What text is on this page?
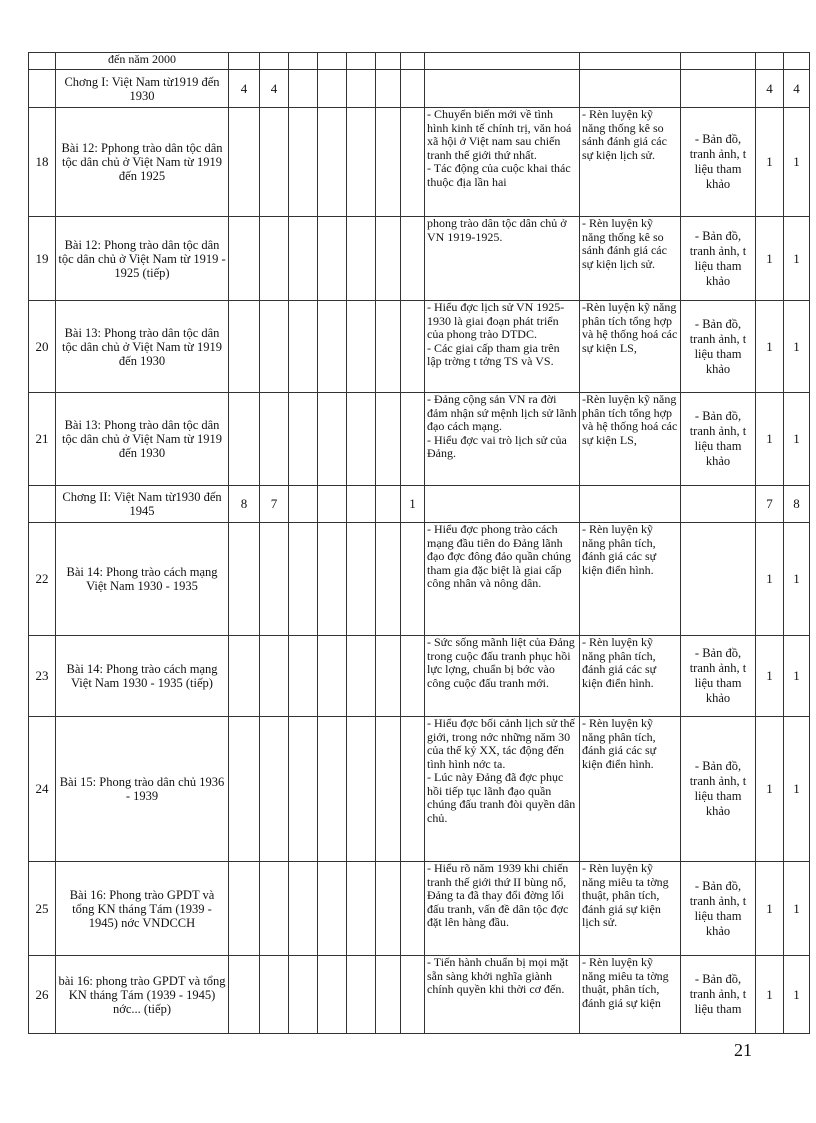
	đến năm 2000												
	Chơng I: Việt Nam từ1919 đến 1930	4	4									4	4
18	Bài 12: Pphong trào dân tộc dân tộc dân chủ ở Việt Nam từ 1919 đến 1925								- Chuyển biến mới về tình hình kinh tế chính trị, văn hoá xã hội ở Việt nam sau chiến tranh thế giới thứ nhất.
- Tác động của cuộc khai thác thuộc địa lần hai	- Rèn luyện kỹ năng thống kê so sánh đánh giá các sự kiện lịch sử.	- Bản đồ, tranh ảnh, t liệu tham khảo	1	1
19	Bài 12: Phong trào dân tộc dân tộc dân chủ ở Việt Nam từ 1919 - 1925 (tiếp)								phong trào dân tộc dân chủ ở VN 1919-1925.	- Rèn luyện kỹ năng thống kê so sánh đánh giá các sự kiện lịch sử.	- Bản đồ, tranh ảnh, t liệu tham khảo	1	1
20	Bài 13: Phong trào dân tộc dân tộc dân chủ ở Việt Nam từ 1919 đến 1930								- Hiểu đợc lịch sử VN 1925-1930 là giai đoạn phát triển của phong trào DTDC.
- Các giai cấp tham gia trên lập trờng t tởng TS và VS.	-Rèn luyện kỹ năng phân tích tổng hợp và hệ thống hoá các sự kiện LS,	- Bản đồ, tranh ảnh, t liệu tham khảo	1	1
21	Bài 13: Phong trào dân tộc dân tộc dân chủ ở Việt Nam từ 1919 đến 1930								- Đảng cộng sản VN ra đời đảm nhận sứ mệnh lịch sử lãnh đạo cách mạng.
- Hiểu đợc vai trò lịch sử của Đảng.	-Rèn luyện kỹ năng phân tích tổng hợp và hệ thống hoá các sự kiện LS,	- Bản đồ, tranh ảnh, t liệu tham khảo	1	1
	Chơng II: Việt Nam từ1930 đến 1945	8	7					1				7	8
22	Bài 14: Phong trào cách mạng Việt Nam 1930 - 1935								- Hiểu đợc phong trào cách mạng đầu tiên do Đảng lãnh đạo đợc đông đảo quần chúng tham gia đặc biệt là giai cấp công nhân và nông dân.	- Rèn luyện kỹ năng phân tích, đánh giá các sự kiện điển hình.		1	1
23	Bài 14: Phong trào cách mạng Việt Nam 1930 - 1935 (tiếp)								- Sức sống mãnh liệt của Đảng trong cuộc đấu tranh phục hồi lực lợng, chuẩn bị bớc vào công cuộc đấu tranh mới.	- Rèn luyện kỹ năng phân tích, đánh giá các sự kiện điển hình.	- Bản đồ, tranh ảnh, t liệu tham khảo	1	1
24	Bài 15: Phong trào dân chủ 1936 - 1939								- Hiểu đợc bối cảnh lịch sử thế giới, trong nớc những năm 30 của thế kỷ XX, tác động đến tình hình nớc ta.
- Lúc này Đảng đã đợc phục hồi tiếp tục lãnh đạo quần chúng đấu tranh đòi quyền dân chủ.	- Rèn luyện kỹ năng phân tích, đánh giá các sự kiện điển hình.	- Bản đồ, tranh ảnh, t liệu tham khảo	1	1
25	Bài 16: Phong trào GPDT và tổng KN tháng Tám (1939 - 1945) nớc VNDCCH								- Hiểu rõ năm 1939 khi chiến tranh thế giới thứ II bùng nổ, Đảng ta đã thay đổi đờng lối đấu tranh, vấn đề dân tộc đợc đặt lên hàng đầu.	- Rèn luyện kỹ năng miêu ta tờng thuật, phân tích, đánh giá sự kiện lịch sử.	- Bản đồ, tranh ảnh, t liệu tham khảo	1	1
26	bài 16: phong trào GPDT và tổng KN tháng Tám (1939 - 1945) nớc... (tiếp)								- Tiến hành chuẩn bị mọi mặt sẵn sàng khởi nghĩa giành chính quyền khi thời cơ đến.	- Rèn luyện kỹ năng miêu ta tờng thuật, phân tích, đánh giá sự kiện	- Bản đồ, tranh ảnh, t liệu tham	1	1
21
